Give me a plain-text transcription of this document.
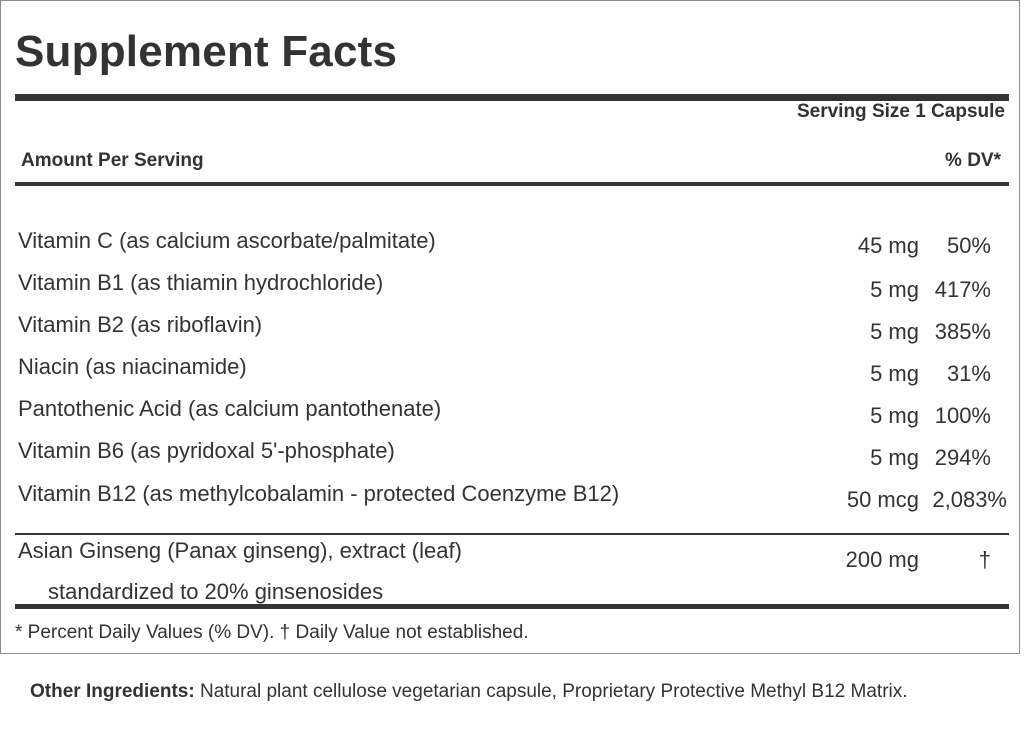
Supplement Facts
Serving Size 1 Capsule
Amount Per Serving	% DV*
Vitamin C (as calcium ascorbate/palmitate)	45 mg 50%
Vitamin B1 (as thiamin hydrochloride)	5 mg 417%
Vitamin B2 (as riboflavin)	5 mg 385%
Niacin (as niacinamide)	5 mg 31%
Pantothenic Acid (as calcium pantothenate)	5 mg 100%
Vitamin B6 (as pyridoxal 5'-phosphate)	5 mg 294%
Vitamin B12 (as methylcobalamin - protected Coenzyme B12)	50 mcg 2,083%
Asian Ginseng (Panax ginseng), extract (leaf)	200 mg	†
standardized to 20% ginsenosides
* Percent Daily Values (% DV). † Daily Value not established.
Other Ingredients: Natural plant cellulose vegetarian capsule, Proprietary Protective Methyl B12 Matrix.
